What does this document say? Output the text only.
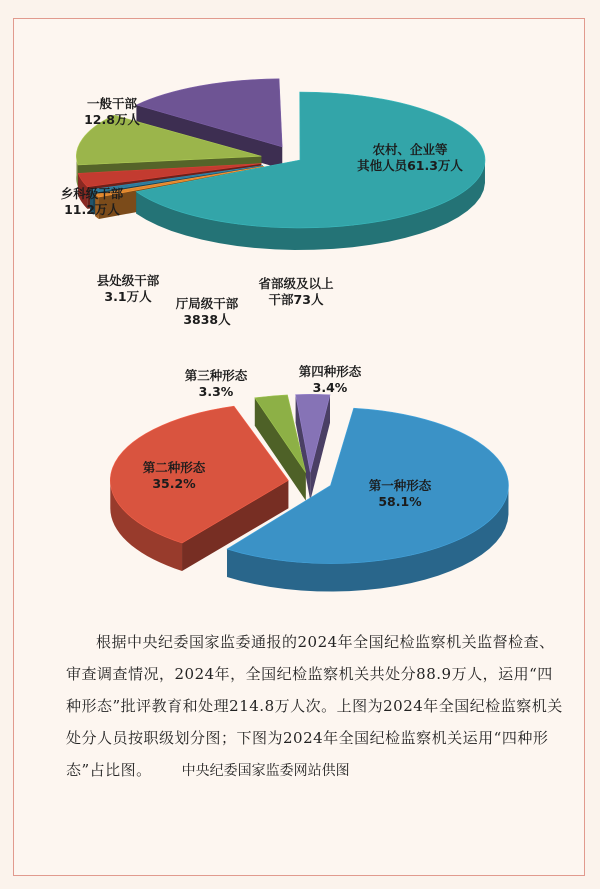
农村、企业等其他人员61.3万人
省部级及以上干部73人
厅局级干部 3838人
县处级干部 3.1万人
乡科级干部 11.2万人
一般干部 12.8万人
第一种形态 58.1%
第二种形态 35.2%
第三种形态 3.3%
第四种形态 3.4%
根据中央纪委国家监委通报的2024年全国纪检监察机关监督检查、审查调查情况，2024年，全国纪检监察机关共处分88.9万人，运用“四种形态”批评教育和处理214.8万人次。上图为2024年全国纪检监察机关处分人员按职级划分图；下图为2024年全国纪检监察机关运用“四种形态”占比图。 中央纪委国家监委网站供图
